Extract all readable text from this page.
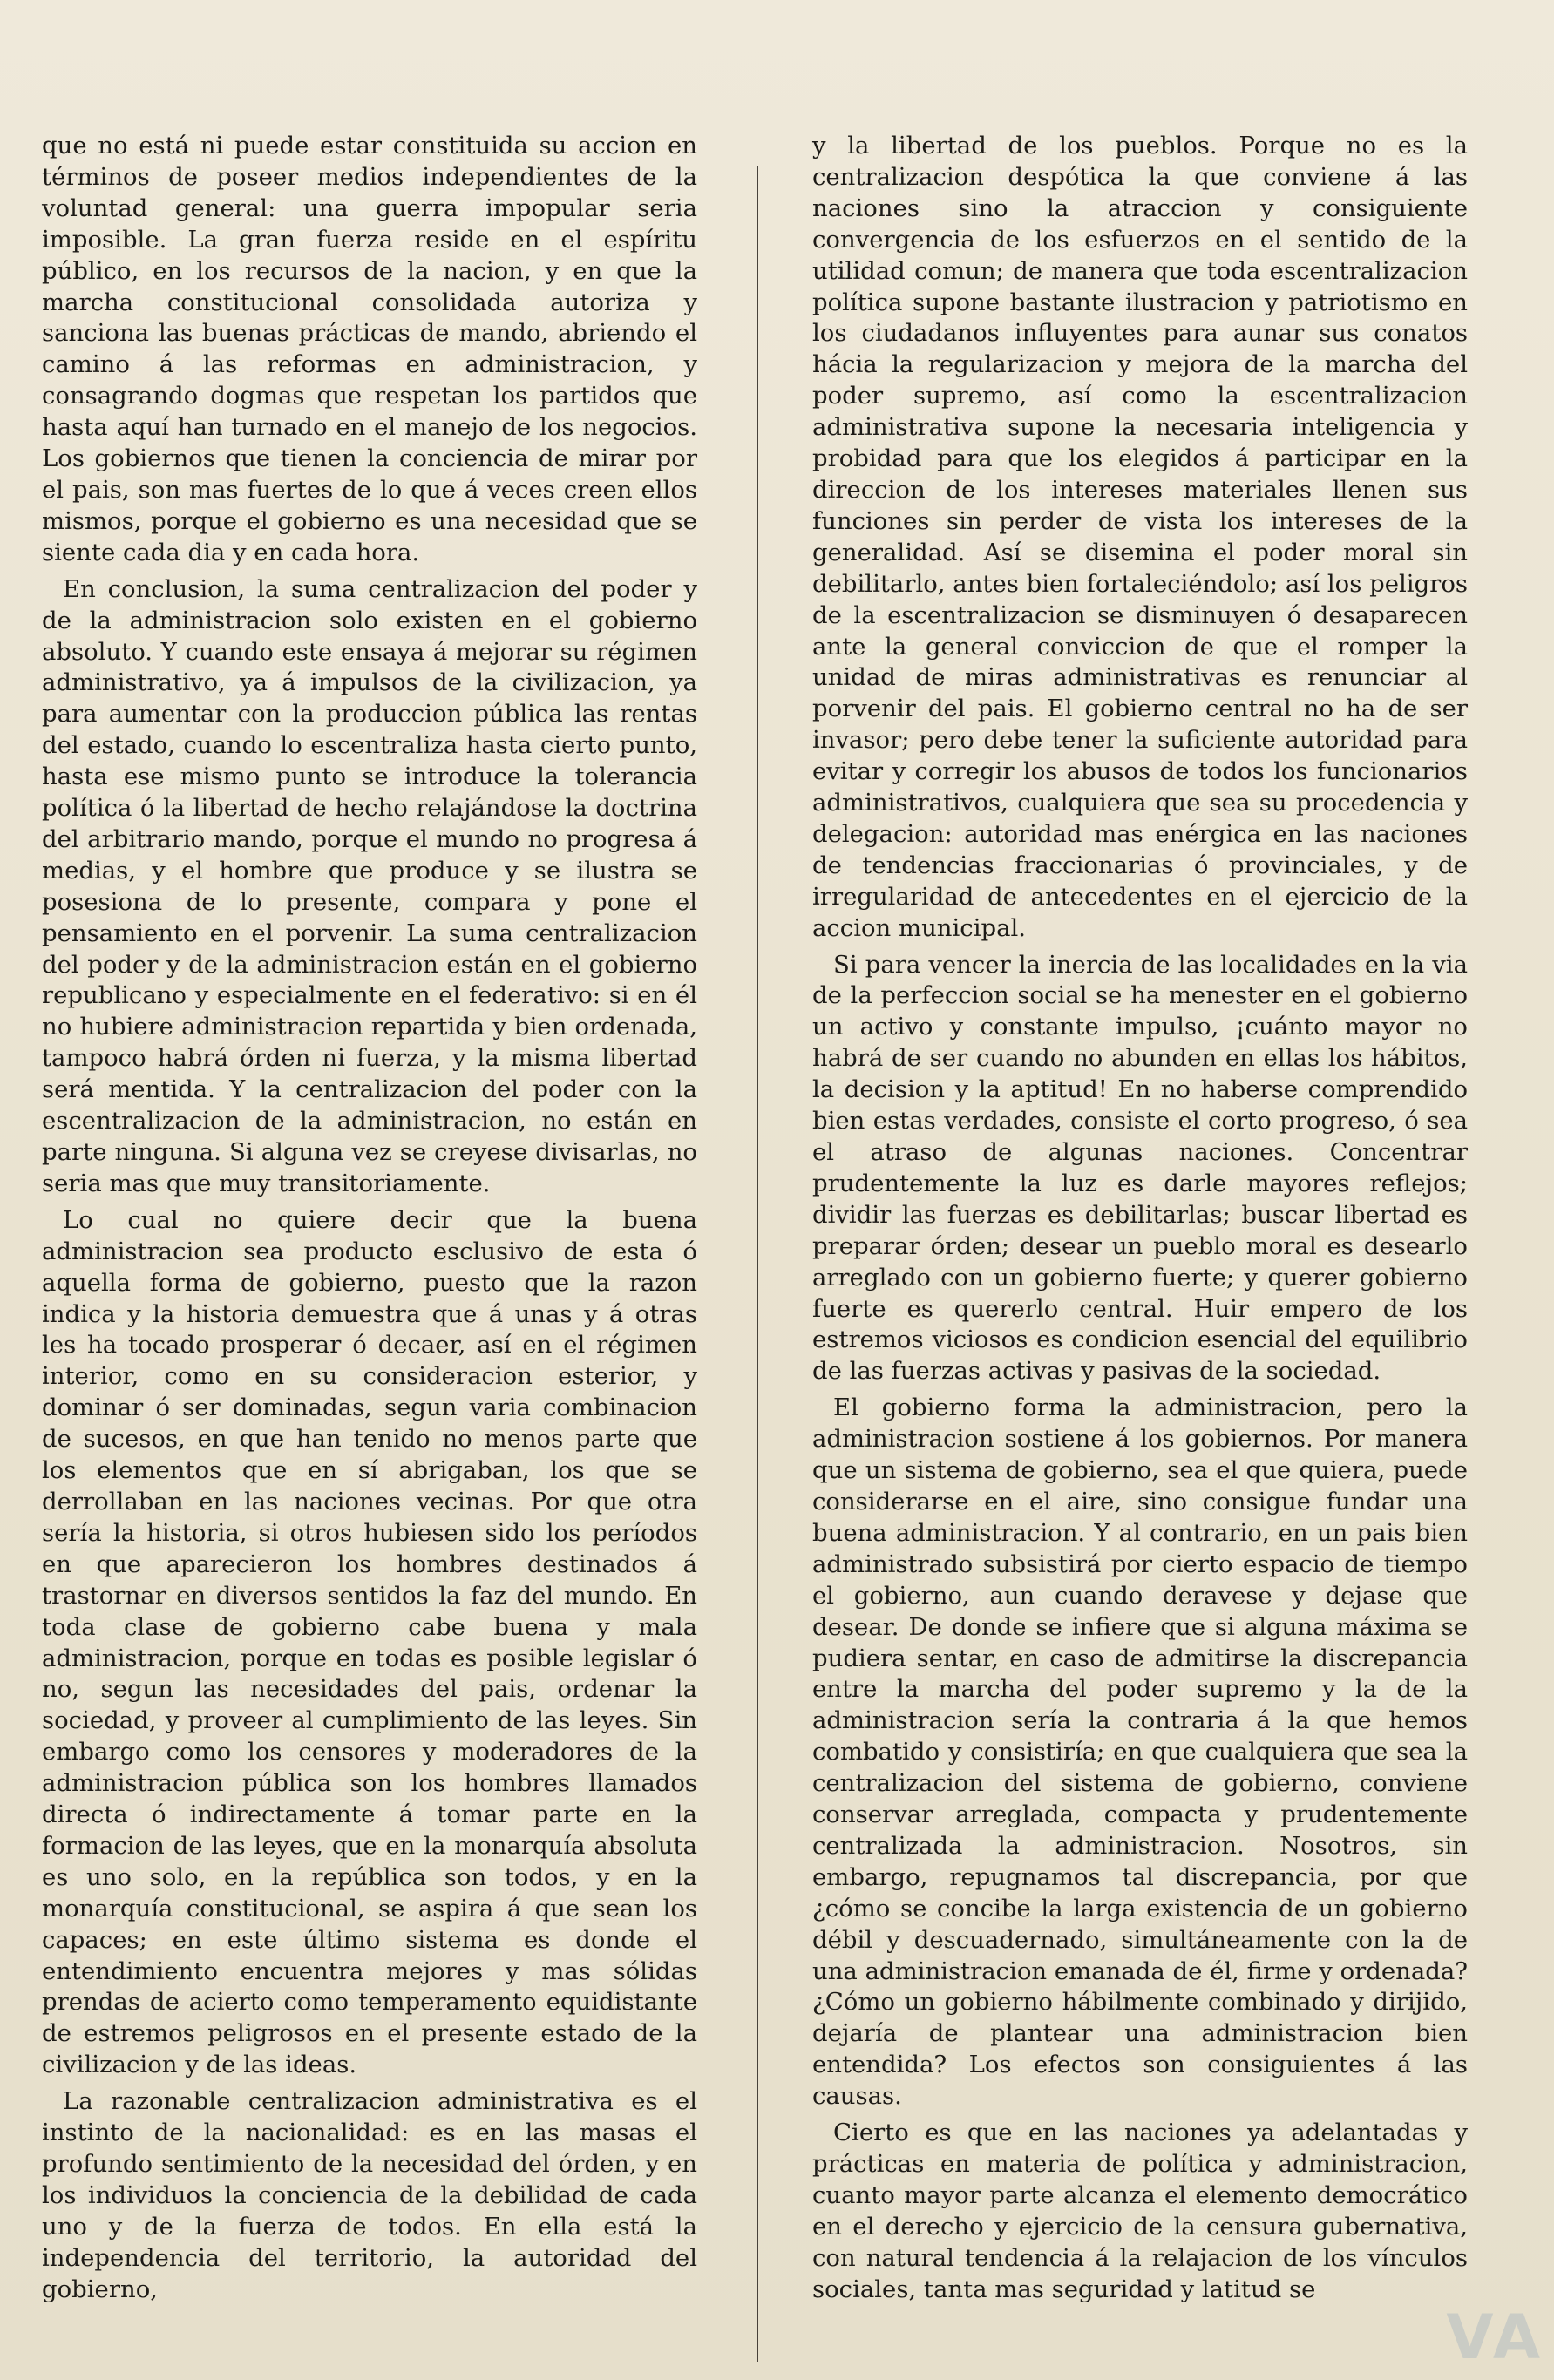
que no está ni puede estar constituida su accion en términos de poseer medios independientes de la voluntad general: una guerra impopular seria imposible. La gran fuerza reside en el espíritu público, en los recursos de la nacion, y en que la marcha constitucional consolidada autoriza y sanciona las buenas prácticas de mando, abriendo el camino á las reformas en administracion, y consagrando dogmas que respetan los partidos que hasta aquí han turnado en el manejo de los negocios. Los gobiernos que tienen la conciencia de mirar por el pais, son mas fuertes de lo que á veces creen ellos mismos, porque el gobierno es una necesidad que se siente cada dia y en cada hora.

En conclusion, la suma centralizacion del poder y de la administracion solo existen en el gobierno absoluto. Y cuando este ensaya á mejorar su régimen administrativo, ya á impulsos de la civilizacion, ya para aumentar con la produccion pública las rentas del estado, cuando lo escentraliza hasta cierto punto, hasta ese mismo punto se introduce la tolerancia política ó la libertad de hecho relajándose la doctrina del arbitrario mando, porque el mundo no progresa á medias, y el hombre que produce y se ilustra se posesiona de lo presente, compara y pone el pensamiento en el porvenir. La suma centralizacion del poder y de la administracion están en el gobierno republicano y especialmente en el federativo: si en él no hubiere administracion repartida y bien ordenada, tampoco habrá órden ni fuerza, y la misma libertad será mentida. Y la centralizacion del poder con la escentralizacion de la administracion, no están en parte ninguna. Si alguna vez se creyese divisarlas, no seria mas que muy transitoriamente.

Lo cual no quiere decir que la buena administracion sea producto esclusivo de esta ó aquella forma de gobierno, puesto que la razon indica y la historia demuestra que á unas y á otras les ha tocado prosperar ó decaer, así en el régimen interior, como en su consideracion esterior, y dominar ó ser dominadas, segun varia combinacion de sucesos, en que han tenido no menos parte que los elementos que en sí abrigaban, los que se derrollaban en las naciones vecinas. Por que otra sería la historia, si otros hubiesen sido los períodos en que aparecieron los hombres destinados á trastornar en diversos sentidos la faz del mundo. En toda clase de gobierno cabe buena y mala administracion, porque en todas es posible legislar ó no, segun las necesidades del pais, ordenar la sociedad, y proveer al cumplimiento de las leyes. Sin embargo como los censores y moderadores de la administracion pública son los hombres llamados directa ó indirectamente á tomar parte en la formacion de las leyes, que en la monarquía absoluta es uno solo, en la república son todos, y en la monarquía constitucional, se aspira á que sean los capaces; en este último sistema es donde el entendimiento encuentra mejores y mas sólidas prendas de acierto como temperamento equidistante de estremos peligrosos en el presente estado de la civilizacion y de las ideas.

La razonable centralizacion administrativa es el instinto de la nacionalidad: es en las masas el profundo sentimiento de la necesidad del órden, y en los individuos la conciencia de la debilidad de cada uno y de la fuerza de todos. En ella está la independencia del territorio, la autoridad del gobierno,

y la libertad de los pueblos. Porque no es la centralizacion despótica la que conviene á las naciones sino la atraccion y consiguiente convergencia de los esfuerzos en el sentido de la utilidad comun; de manera que toda escentralizacion política supone bastante ilustracion y patriotismo en los ciudadanos influyentes para aunar sus conatos hácia la regularizacion y mejora de la marcha del poder supremo, así como la escentralizacion administrativa supone la necesaria inteligencia y probidad para que los elegidos á participar en la direccion de los intereses materiales llenen sus funciones sin perder de vista los intereses de la generalidad. Así se disemina el poder moral sin debilitarlo, antes bien fortaleciéndolo; así los peligros de la escentralizacion se disminuyen ó desaparecen ante la general conviccion de que el romper la unidad de miras administrativas es renunciar al porvenir del pais. El gobierno central no ha de ser invasor; pero debe tener la suficiente autoridad para evitar y corregir los abusos de todos los funcionarios administrativos, cualquiera que sea su procedencia y delegacion: autoridad mas enérgica en las naciones de tendencias fraccionarias ó provinciales, y de irregularidad de antecedentes en el ejercicio de la accion municipal.

Si para vencer la inercia de las localidades en la via de la perfeccion social se ha menester en el gobierno un activo y constante impulso, ¡cuánto mayor no habrá de ser cuando no abunden en ellas los hábitos, la decision y la aptitud! En no haberse comprendido bien estas verdades, consiste el corto progreso, ó sea el atraso de algunas naciones. Concentrar prudentemente la luz es darle mayores reflejos; dividir las fuerzas es debilitarlas; buscar libertad es preparar órden; desear un pueblo moral es desearlo arreglado con un gobierno fuerte; y querer gobierno fuerte es quererlo central. Huir empero de los estremos viciosos es condicion esencial del equilibrio de las fuerzas activas y pasivas de la sociedad.

El gobierno forma la administracion, pero la administracion sostiene á los gobiernos. Por manera que un sistema de gobierno, sea el que quiera, puede considerarse en el aire, sino consigue fundar una buena administracion. Y al contrario, en un pais bien administrado subsistirá por cierto espacio de tiempo el gobierno, aun cuando deravese y dejase que desear. De donde se infiere que si alguna máxima se pudiera sentar, en caso de admitirse la discrepancia entre la marcha del poder supremo y la de la administracion sería la contraria á la que hemos combatido y consistiría; en que cualquiera que sea la centralizacion del sistema de gobierno, conviene conservar arreglada, compacta y prudentemente centralizada la administracion. Nosotros, sin embargo, repugnamos tal discrepancia, por que ¿cómo se concibe la larga existencia de un gobierno débil y descuadernado, simultáneamente con la de una administracion emanada de él, firme y ordenada? ¿Cómo un gobierno hábilmente combinado y dirijido, dejaría de plantear una administracion bien entendida? Los efectos son consiguientes á las causas.

Cierto es que en las naciones ya adelantadas y prácticas en materia de política y administracion, cuanto mayor parte alcanza el elemento democrático en el derecho y ejercicio de la censura gubernativa, con natural tendencia á la relajacion de los vínculos sociales, tanta mas seguridad y latitud se

VA
